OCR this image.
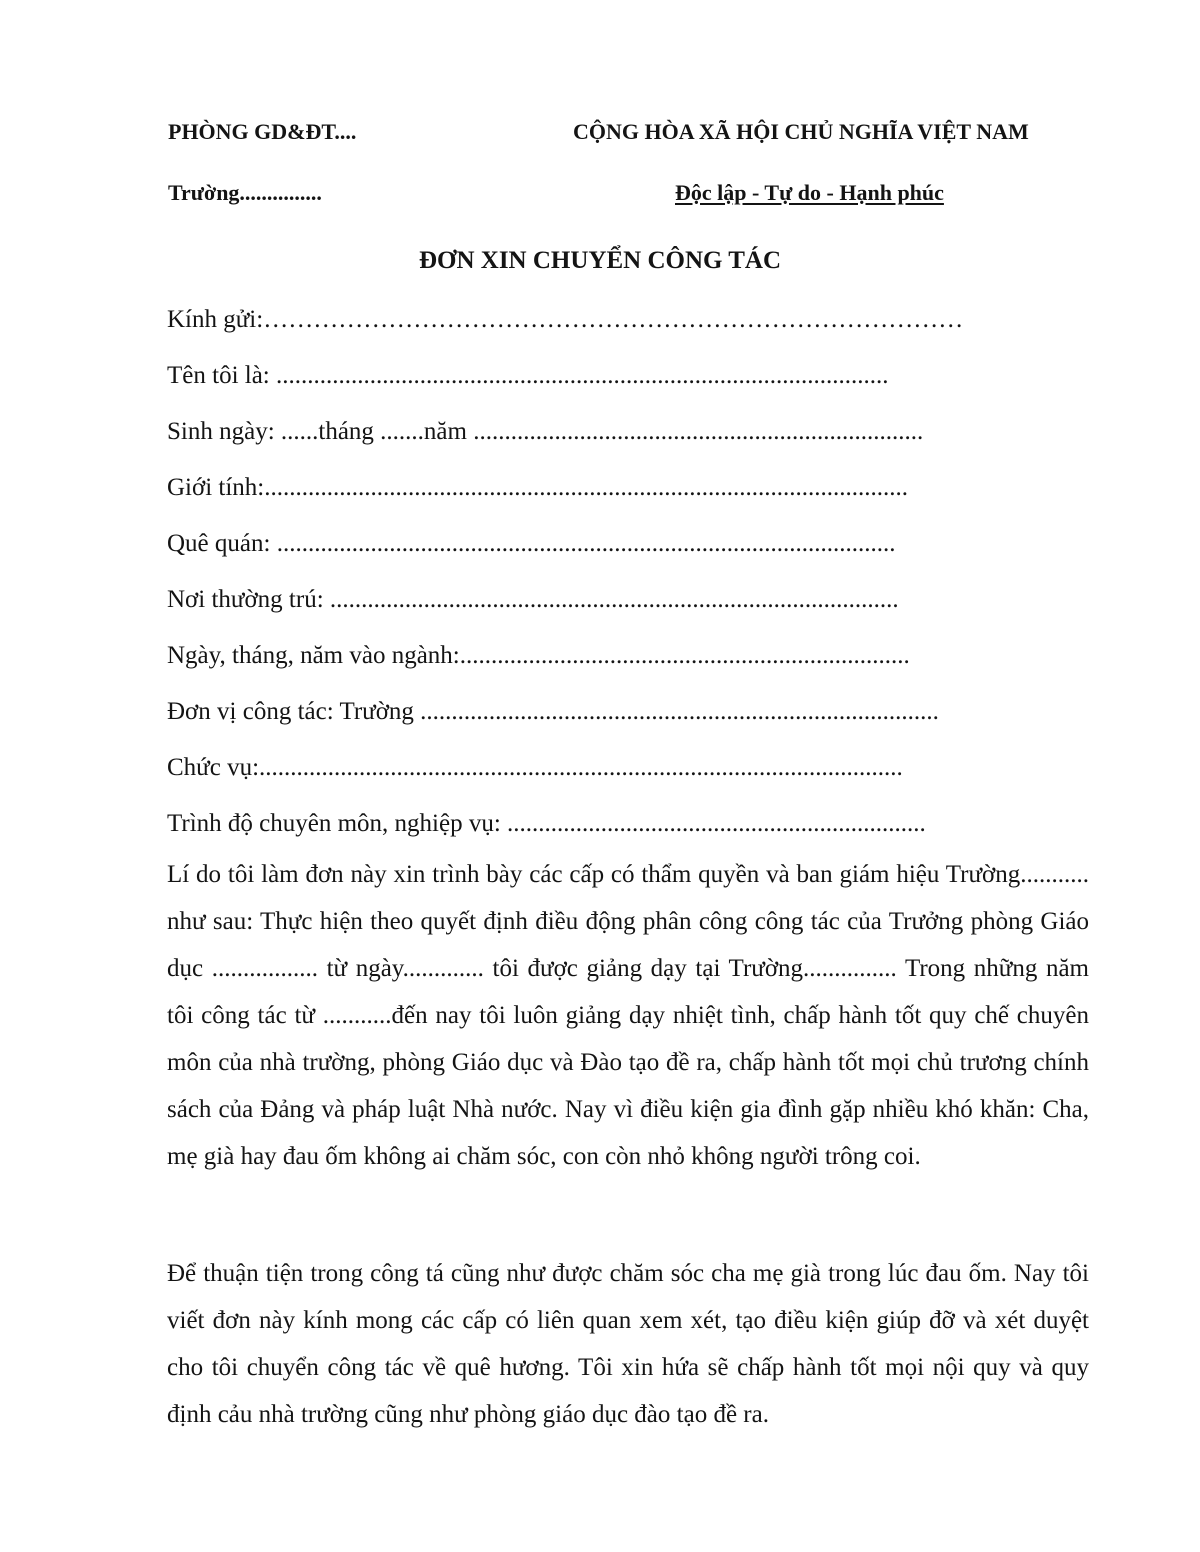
PHÒNG GD&ĐT....
Trường...............
CỘNG HÒA XÃ HỘI CHỦ NGHĨA VIỆT NAM
Độc lập - Tự do - Hạnh phúc
ĐƠN XIN CHUYỂN CÔNG TÁC
Kính gửi:…………………………………………………………………………
Tên tôi là: ..................................................................................................
Sinh ngày: ......tháng .......năm ........................................................................
Giới tính:.......................................................................................................
Quê quán: ...................................................................................................
Nơi thường trú: ...........................................................................................
Ngày, tháng, năm vào ngành:........................................................................
Đơn vị công tác: Trường ...................................................................................
Chức vụ:.......................................................................................................
Trình độ chuyên môn, nghiệp vụ: ...................................................................

Lí do tôi làm đơn này xin trình bày các cấp có thẩm quyền và ban giám hiệu Trường........... như sau: Thực hiện theo quyết định điều động phân công công tác của Trưởng phòng Giáo dục ................. từ ngày............. tôi được giảng dạy tại Trường............... Trong những năm tôi công tác từ ...........đến nay tôi luôn giảng dạy nhiệt tình, chấp hành tốt quy chế chuyên môn của nhà trường, phòng Giáo dục và Đào tạo đề ra, chấp hành tốt mọi chủ trương chính sách của Đảng và pháp luật Nhà nước. Nay vì điều kiện gia đình gặp nhiều khó khăn: Cha, mẹ già hay đau ốm không ai chăm sóc, con còn nhỏ không người trông coi.

Để thuận tiện trong công tá cũng như được chăm sóc cha mẹ già trong lúc đau ốm. Nay tôi viết đơn này kính mong các cấp có liên quan xem xét, tạo điều kiện giúp đỡ và xét duyệt cho tôi chuyển công tác về quê hương. Tôi xin hứa sẽ chấp hành tốt mọi nội quy và quy định cảu nhà trường cũng như phòng giáo dục đào tạo đề ra.
